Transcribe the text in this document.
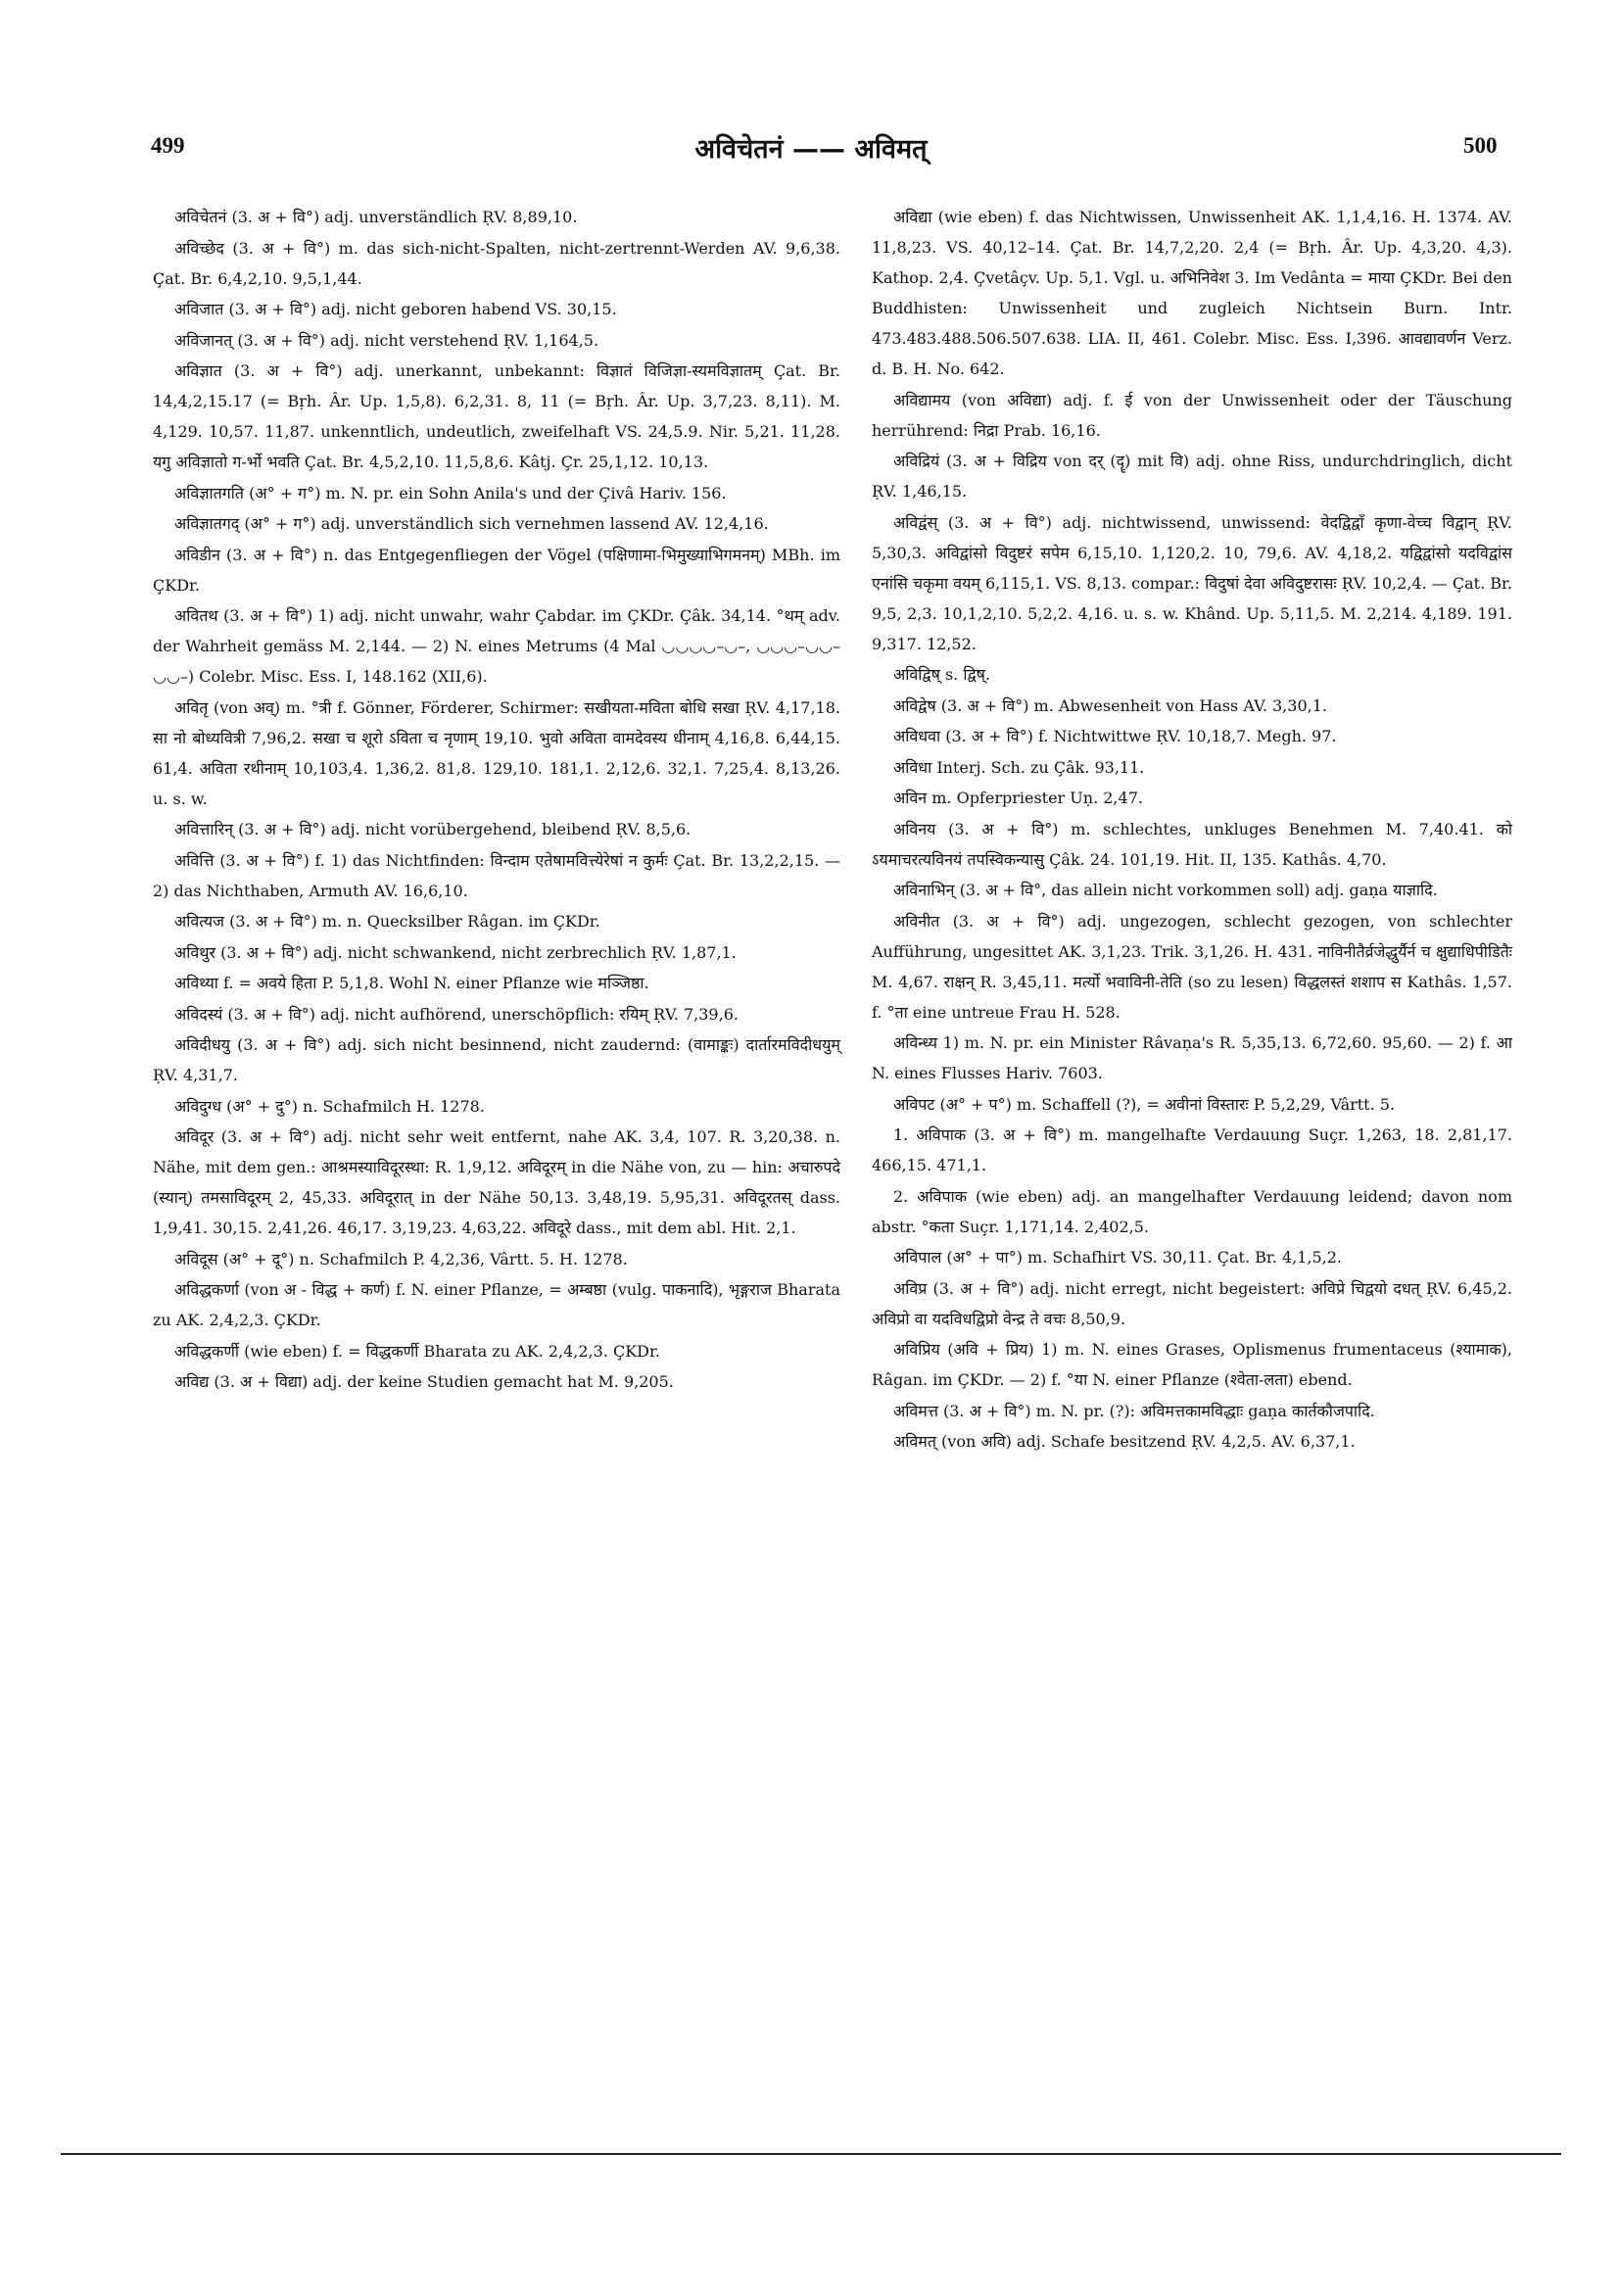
499	अविचेतनं —— अविमत्	500

अविचेतनं (3. अ + वि°) adj. unverständlich ṚV. 8,89,10.

अविच्छेद (3. अ + वि°) m. das sich-nicht-Spalten, nicht-zertrennt-Werden AV. 9,6,38. Çat. Br. 6,4,2,10. 9,5,1,44.

अविजात (3. अ + वि°) adj. nicht geboren habend VS. 30,15.

अविजानत् (3. अ + वि°) adj. nicht verstehend ṚV. 1,164,5.

अविज्ञात (3. अ + वि°) adj. unerkannt, unbekannt: विज्ञातं विजिज्ञा-स्यमविज्ञातम् Çat. Br. 14,4,2,15.17 (= Bṛh. Âr. Up. 1,5,8). 6,2,31. 8, 11 (= Bṛh. Âr. Up. 3,7,23. 8,11). M. 4,129. 10,57. 11,87. unkenntlich, undeutlich, zweifelhaft VS. 24,5.9. Nir. 5,21. 11,28. यगु अविज्ञातो ग-र्भो भवति Çat. Br. 4,5,2,10. 11,5,8,6. Kâtj. Çr. 25,1,12. 10,13.

अविज्ञातगति (अ° + ग°) m. N. pr. ein Sohn Anila's und der Çivâ Hariv. 156.

अविज्ञातगद् (अ° + ग°) adj. unverständlich sich vernehmen lassend AV. 12,4,16.

अविडीन (3. अ + वि°) n. das Entgegenfliegen der Vögel (पक्षिणामा-भिमुख्याभिगमनम्) MBh. im ÇKDr.

अवितथ (3. अ + वि°) 1) adj. nicht unwahr, wahr Çabdar. im ÇKDr. Çâk. 34,14. °थम् adv. der Wahrheit gemäss M. 2,144. — 2) N. eines Metrums (4 Mal ◡◡◡◡–◡–, ◡◡◡–◡◡–◡◡–) Colebr. Misc. Ess. I, 148.162 (XII,6).

अवितृ (von अव्) m. °त्री f. Gönner, Förderer, Schirmer: सखीयता-मविता बोधि सखा ṚV. 4,17,18. सा नो बोध्यवित्री 7,96,2. सखा च शूरो ऽविता च नृणाम् 19,10. भुवो अविता वामदेवस्य धीनाम् 4,16,8. 6,44,15. 61,4. अविता रथीनाम् 10,103,4. 1,36,2. 81,8. 129,10. 181,1. 2,12,6. 32,1. 7,25,4. 8,13,26. u. s. w.

अवित्तारिन् (3. अ + वि°) adj. nicht vorübergehend, bleibend ṚV. 8,5,6.

अवित्ति (3. अ + वि°) f. 1) das Nichtfinden: विन्दाम एतेषामवित्त्येरेषां न कुर्मः Çat. Br. 13,2,2,15. — 2) das Nichthaben, Armuth AV. 16,6,10.

अवित्यज (3. अ + वि°) m. n. Quecksilber Râgan. im ÇKDr.

अविथुर (3. अ + वि°) adj. nicht schwankend, nicht zerbrechlich ṚV. 1,87,1.

अविथ्या f. = अवये हिता P. 5,1,8. Wohl N. einer Pflanze wie मञ्जिष्ठा.

अविदस्यं (3. अ + वि°) adj. nicht aufhörend, unerschöpflich: रयिम् ṚV. 7,39,6.

अविदीधयु (3. अ + वि°) adj. sich nicht besinnend, nicht zaudernd: (वामाङ्कः) दार्तारमविदीधयुम् ṚV. 4,31,7.

अविदुग्ध (अ° + दु°) n. Schafmilch H. 1278.

अविदूर (3. अ + वि°) adj. nicht sehr weit entfernt, nahe AK. 3,4, 107. R. 3,20,38. n. Nähe, mit dem gen.: आश्रमस्याविदूरस्था: R. 1,9,12. अविदूरम् in die Nähe von, zu — hin: अचारुपदे (स्यान्) तमसाविदूरम् 2, 45,33. अविदूरात् in der Nähe 50,13. 3,48,19. 5,95,31. अविदूरतस् dass. 1,9,41. 30,15. 2,41,26. 46,17. 3,19,23. 4,63,22. अविदूरे dass., mit dem abl. Hit. 2,1.

अविदूस (अ° + दू°) n. Schafmilch P. 4,2,36, Vârtt. 5. H. 1278.

अविद्धकर्णा (von अ - विद्ध + कर्ण) f. N. einer Pflanze, = अम्बष्ठा (vulg. पाकनादि), भृङ्गराज Bharata zu AK. 2,4,2,3. ÇKDr.

अविद्धकर्णी (wie eben) f. = विद्धकर्णी Bharata zu AK. 2,4,2,3. ÇKDr.

अविद्य (3. अ + विद्या) adj. der keine Studien gemacht hat M. 9,205.

अविद्या (wie eben) f. das Nichtwissen, Unwissenheit AK. 1,1,4,16. H. 1374. AV. 11,8,23. VS. 40,12–14. Çat. Br. 14,7,2,20. 2,4 (= Bṛh. Âr. Up. 4,3,20. 4,3). Kathop. 2,4. Çvetâçv. Up. 5,1. Vgl. u. अभिनिवेश 3. Im Vedânta = माया ÇKDr. Bei den Buddhisten: Unwissenheit und zugleich Nichtsein Burn. Intr. 473.483.488.506.507.638. LIA. II, 461. Colebr. Misc. Ess. I,396. आवद्यावर्णन Verz. d. B. H. No. 642.

अविद्यामय (von अविद्या) adj. f. ई von der Unwissenheit oder der Täuschung herrührend: निद्रा Prab. 16,16.

अविद्रियं (3. अ + विद्रिय von दर् (दॄ) mit वि) adj. ohne Riss, undurchdringlich, dicht ṚV. 1,46,15.

अविद्वंस् (3. अ + वि°) adj. nichtwissend, unwissend: वेदद्विद्वाँ कृणा-वेच्च विद्वान् ṚV. 5,30,3. अविद्वांसो विदुष्टरं सपेम 6,15,10. 1,120,2. 10, 79,6. AV. 4,18,2. यद्विद्वांसो यदविद्वांस एनांसि चकृमा वयम् 6,115,1. VS. 8,13. compar.: विदुषां देवा अविदुष्टरासः ṚV. 10,2,4. — Çat. Br. 9,5, 2,3. 10,1,2,10. 5,2,2. 4,16. u. s. w. Khând. Up. 5,11,5. M. 2,214. 4,189. 191. 9,317. 12,52.

अविद्विष् s. द्विष्.

अविद्वेष (3. अ + वि°) m. Abwesenheit von Hass AV. 3,30,1.

अविधवा (3. अ + वि°) f. Nichtwittwe ṚV. 10,18,7. Megh. 97.

अविधा Interj. Sch. zu Çâk. 93,11.

अविन m. Opferpriester Uṇ. 2,47.

अविनय (3. अ + वि°) m. schlechtes, unkluges Benehmen M. 7,40.41. को ऽयमाचरत्यविनयं तपस्विकन्यासु Çâk. 24. 101,19. Hit. II, 135. Kathâs. 4,70.

अविनाभिन् (3. अ + वि°, das allein nicht vorkommen soll) adj. gaṇa याज्ञादि.

अविनीत (3. अ + वि°) adj. ungezogen, schlecht gezogen, von schlechter Aufführung, ungesittet AK. 3,1,23. Trik. 3,1,26. H. 431. नाविनीतैर्व्रजेद्धुर्यैर्न च क्षुद्याधिपीडितैः M. 4,67. राक्षन् R. 3,45,11. मर्त्यो भवाविनी-तेति (so zu lesen) विद्धलस्तं शशाप स Kathâs. 1,57. f. °ता eine untreue Frau H. 528.

अविन्ध्य 1) m. N. pr. ein Minister Râvaṇa's R. 5,35,13. 6,72,60. 95,60. — 2) f. आ N. eines Flusses Hariv. 7603.

अविपट (अ° + प°) m. Schaffell (?), = अवीनां विस्तारः P. 5,2,29, Vârtt. 5.

1. अविपाक (3. अ + वि°) m. mangelhafte Verdauung Suçr. 1,263, 18. 2,81,17. 466,15. 471,1.

2. अविपाक (wie eben) adj. an mangelhafter Verdauung leidend; davon nom abstr. °कता Suçr. 1,171,14. 2,402,5.

अविपाल (अ° + पा°) m. Schafhirt VS. 30,11. Çat. Br. 4,1,5,2.

अविप्र (3. अ + वि°) adj. nicht erregt, nicht begeistert: अविप्रे चिद्वयो दधत् ṚV. 6,45,2. अविप्रो वा यदविधद्विप्रो वेन्द्र ते वचः 8,50,9.

अविप्रिय (अवि + प्रिय) 1) m. N. eines Grases, Oplismenus frumentaceus (श्यामाक), Râgan. im ÇKDr. — 2) f. °या N. einer Pflanze (श्वेता-लता) ebend.

अविमत्त (3. अ + वि°) m. N. pr. (?): अविमत्तकामविद्धाः gaṇa कार्तकौजपादि.

अविमत् (von अवि) adj. Schafe besitzend ṚV. 4,2,5. AV. 6,37,1.
